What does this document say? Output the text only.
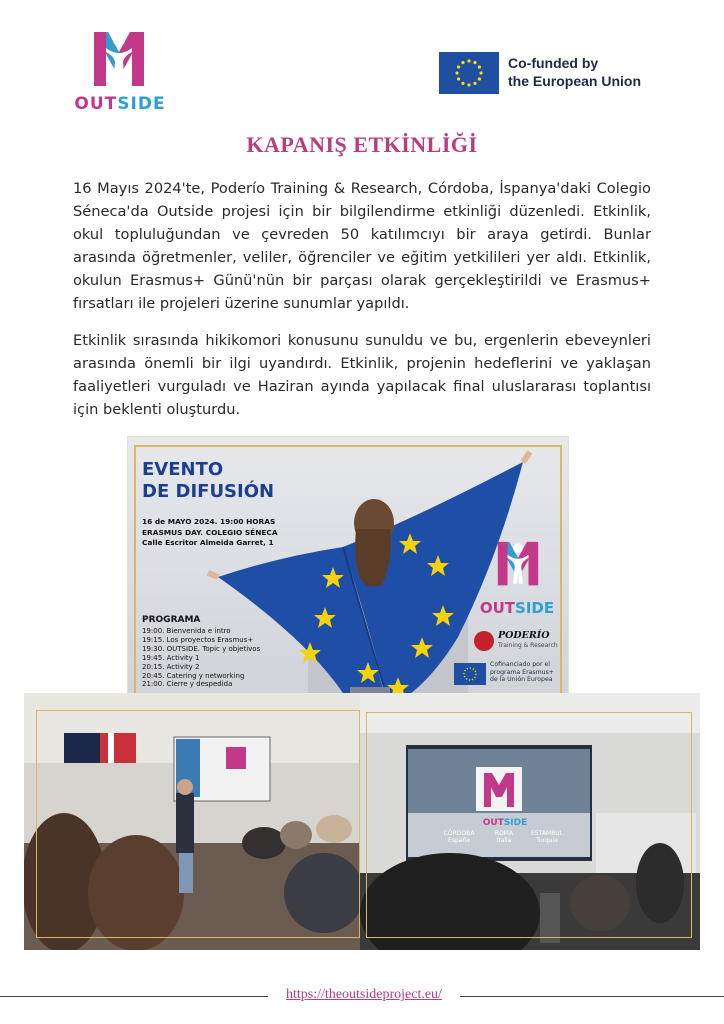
OUTSIDE
Co-funded by
the European Union
KAPANIŞ ETKİNLİĞİ
16 Mayıs 2024'te, Poderío Training & Research, Córdoba, İspanya'daki Colegio Séneca'da Outside projesi için bir bilgilendirme etkinliği düzenledi. Etkinlik, okul topluluğundan ve çevreden 50 katılımcıyı bir araya getirdi. Bunlar arasında öğretmenler, veliler, öğrenciler ve eğitim yetkilileri yer aldı. Etkinlik, okulun Erasmus+ Günü'nün bir parçası olarak gerçekleştirildi ve Erasmus+ fırsatları ile projeleri üzerine sunumlar yapıldı.
Etkinlik sırasında hikikomori konusunu sunuldu ve bu, ergenlerin ebeveynleri arasında önemli bir ilgi uyandırdı. Etkinlik, projenin hedeflerini ve yaklaşan faaliyetleri vurguladı ve Haziran ayında yapılacak final uluslararası toplantısı için beklenti oluşturdu.
EVENTO
DE DIFUSIÓN
16 de MAYO 2024. 19:00 HORAS
ERASMUS DAY. COLEGIO SÉNECA
Calle Escritor Almeida Garret, 1
PROGRAMA
19:00. Bienvenida e intro
19:15. Los proyectos Erasmus+
19:30. OUTSIDE. Topic y objetivos
19:45. Activity 1
20:15. Activity 2
20:45. Catering y networking
21:00. Cierre y despedida
OUTSIDE
PODERÍO
Training & Research
Cofinanciado por el
programa Erasmus+
de la Unión Europea
OUTSIDE
CÓRDOBA
España
ROMA
Italia
ESTAMBUL
Turquía
https://theoutsideproject.eu/
